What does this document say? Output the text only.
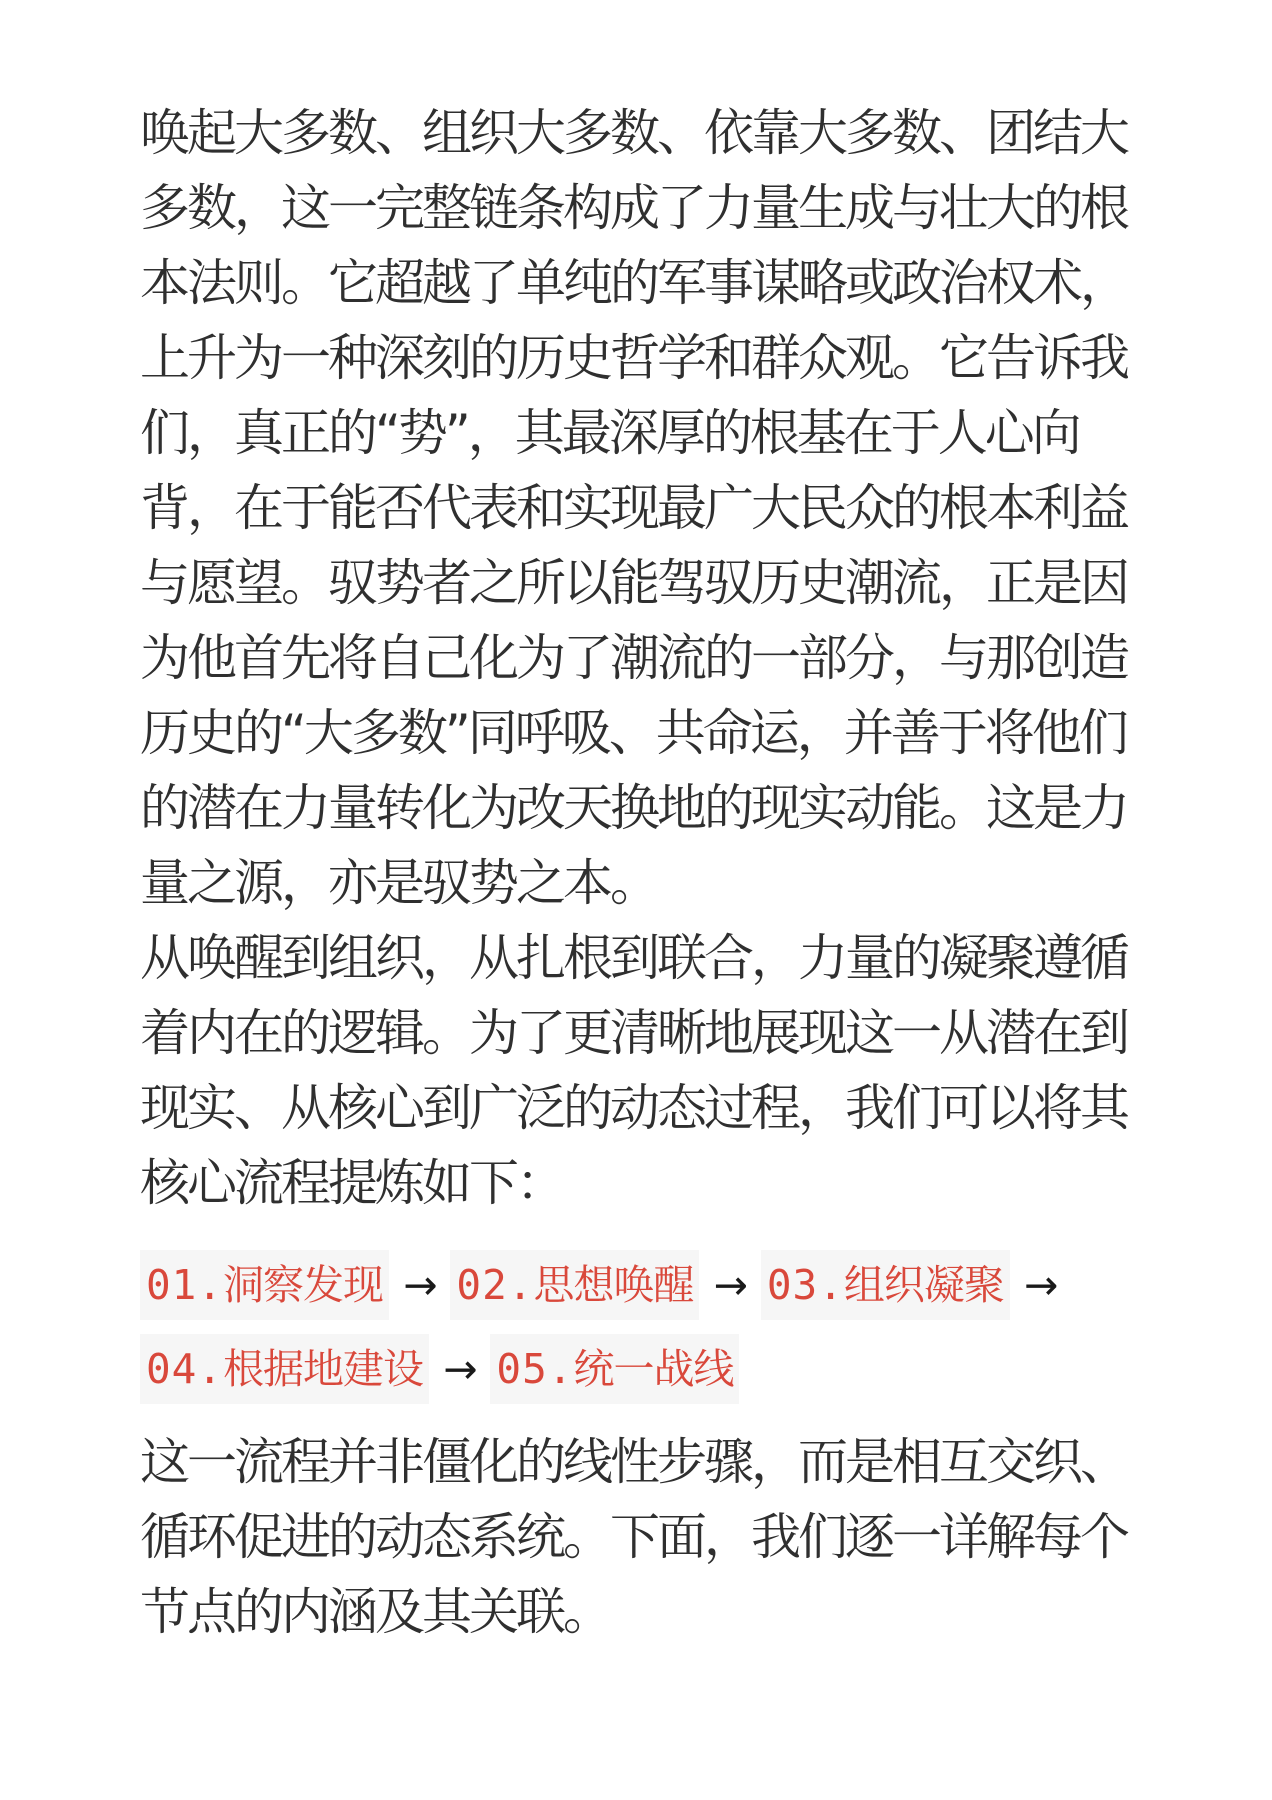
唤起大多数、组织大多数、依靠大多数、团结大多数，这一完整链条构成了力量生成与壮大的根本法则。它超越了单纯的军事谋略或政治权术，上升为一种深刻的历史哲学和群众观。它告诉我们，真正的“势”，其最深厚的根基在于人心向背，在于能否代表和实现最广大民众的根本利益与愿望。驭势者之所以能驾驭历史潮流，正是因为他首先将自己化为了潮流的一部分，与那创造历史的“大多数”同呼吸、共命运，并善于将他们的潜在力量转化为改天换地的现实动能。这是力量之源，亦是驭势之本。

从唤醒到组织，从扎根到联合，力量的凝聚遵循着内在的逻辑。为了更清晰地展现这一从潜在到现实、从核心到广泛的动态过程，我们可以将其核心流程提炼如下：

01.洞察发现 → 02.思想唤醒 → 03.组织凝聚 →
04.根据地建设 → 05.统一战线

这一流程并非僵化的线性步骤，而是相互交织、循环促进的动态系统。下面，我们逐一详解每个节点的内涵及其关联。
